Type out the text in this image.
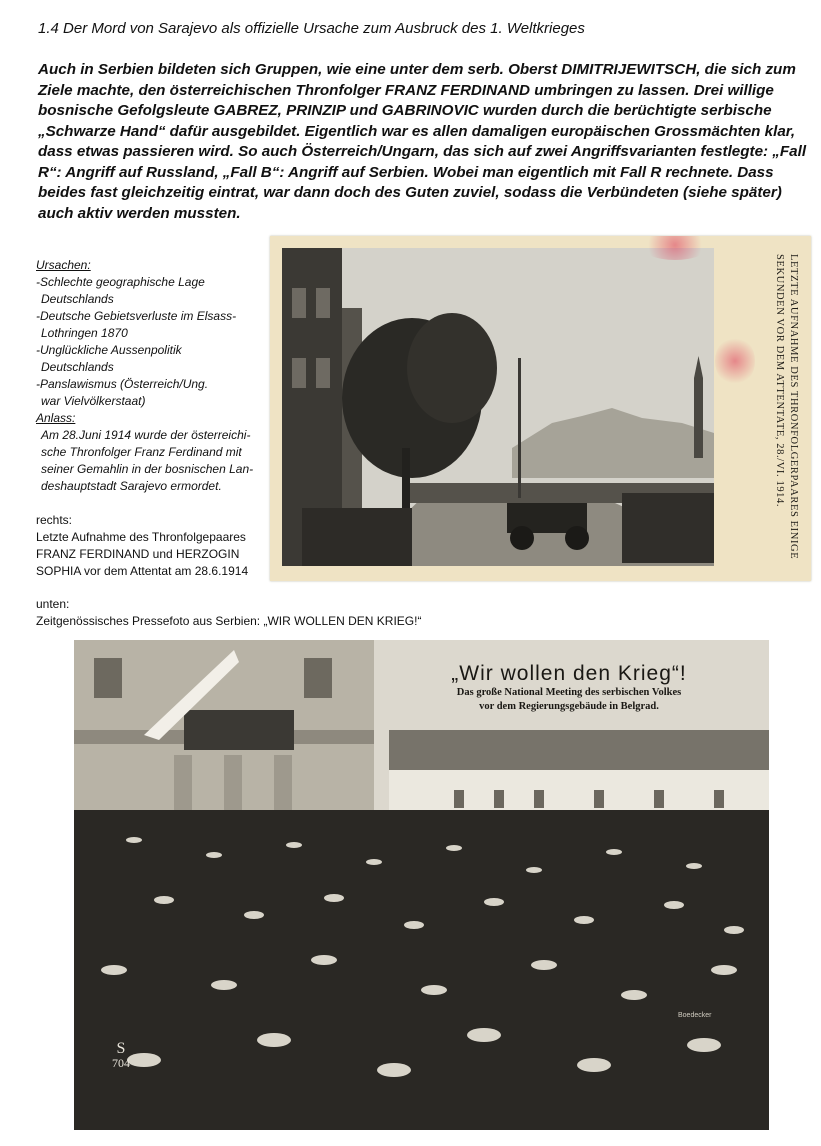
1.4 Der Mord von Sarajevo als offizielle Ursache zum Ausbruck des 1. Weltkrieges
Auch in Serbien bildeten sich Gruppen, wie eine unter dem serb. Oberst DIMITRIJEWITSCH, die sich zum
Ziele machte, den österreichischen Thronfolger FRANZ FERDINAND umbringen zu lassen. Drei willige
bosnische Gefolgsleute GABREZ, PRINZIP und GABRINOVIC wurden durch die berüchtigte serbische
„Schwarze Hand“ dafür ausgebildet. Eigentlich war es allen damaligen europäischen Grossmächten klar,
dass etwas passieren wird. So auch Österreich/Ungarn, das sich auf zwei Angriffsvarianten festlegte: „Fall
R“: Angriff auf Russland, „Fall B“: Angriff auf Serbien. Wobei man eigentlich mit Fall R rechnete. Dass
beides fast gleichzeitig eintrat, war dann doch des Guten zuviel, sodass die Verbündeten (siehe später)
auch aktiv werden mussten.
Ursachen:
-Schlechte geographische Lage
Deutschlands
-Deutsche Gebietsverluste im Elsass-
Lothringen 1870
-Unglückliche Aussenpolitik
Deutschlands
-Panslawismus (Österreich/Ung.
war Vielvölkerstaat)
Anlass:
Am 28.Juni 1914 wurde der österreichi-
sche Thronfolger Franz Ferdinand mit
seiner Gemahlin in der bosnischen Lan-
deshauptstadt Sarajevo ermordet.
rechts:
Letzte Aufnahme des Thronfolgepaares
FRANZ FERDINAND und HERZOGIN
SOPHIA vor dem Attentat am 28.6.1914
unten:
Zeitgenössisches Pressefoto aus Serbien: „WIR WOLLEN DEN KRIEG!“
LETZTE AUFNAHME DES THRONFOLGERPAARES EINIGE
SEKUNDEN VOR DEM ATTENTATE, 28./VI. 1914.
„Wir wollen den Krieg“!
Das große National Meeting des serbischen Volkes
vor dem Regierungsgebäude in Belgrad.
S
704
Boedecker
